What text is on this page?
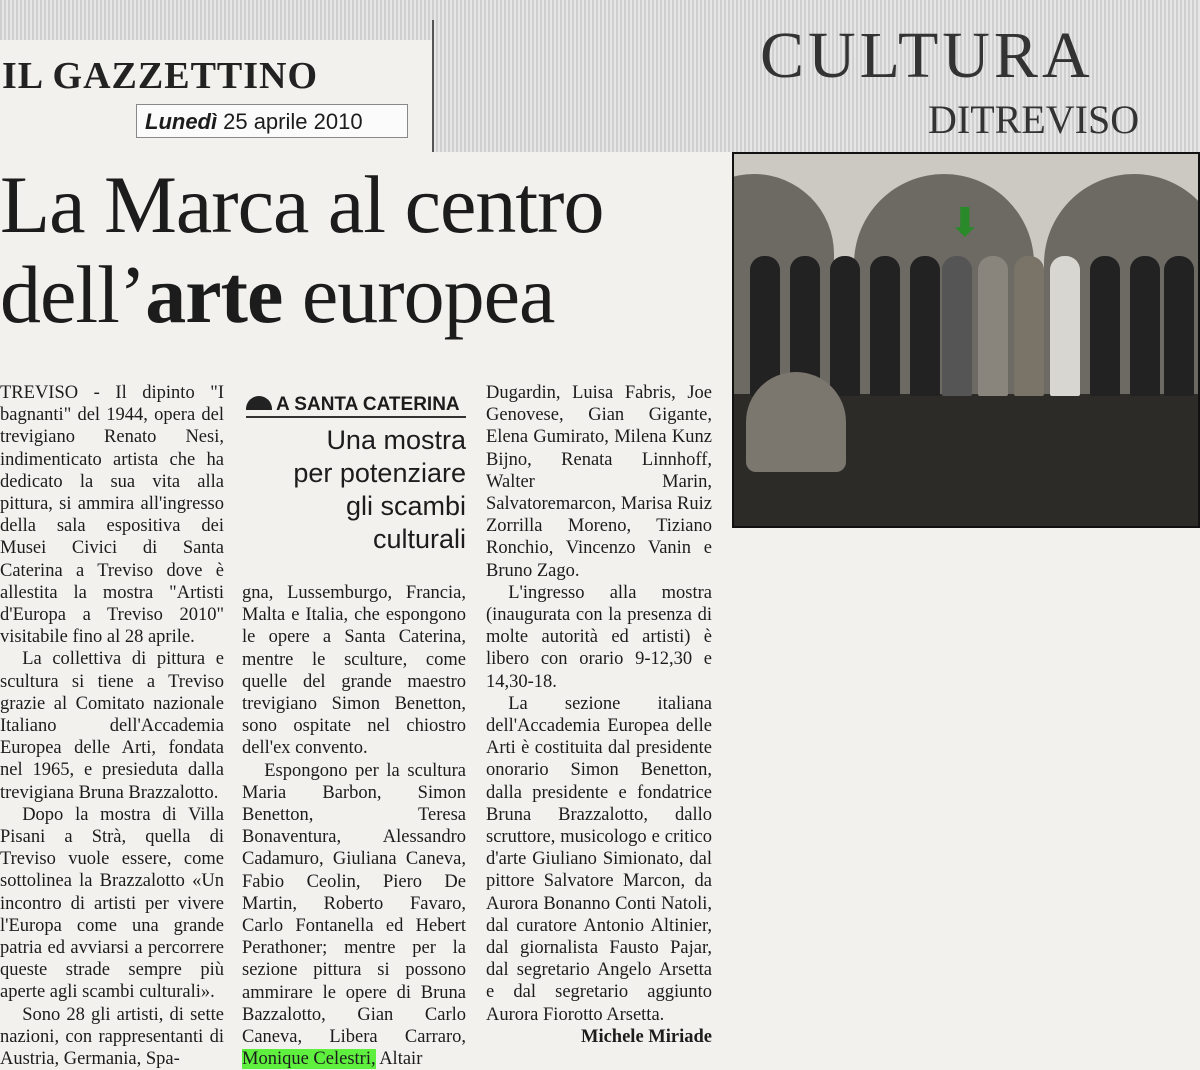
IL GAZZETTINO
Lunedì 25 aprile 2010
CULTURA
DITREVISO
La Marca al centro
dell’arte europea
⬇

TREVISO - Il dipinto "I bagnanti" del 1944, opera del trevigiano Renato Nesi, indimenticato artista che ha dedicato la sua vita alla pittura, si ammira all'ingresso della sala espositiva dei Musei Civici di Santa Caterina a Treviso dove è allestita la mostra "Artisti d'Europa a Treviso 2010" visitabile fino al 28 aprile.

La collettiva di pittura e scultura si tiene a Treviso grazie al Comitato nazionale Italiano dell'Accademia Europea delle Arti, fondata nel 1965, e presieduta dalla trevigiana Bruna Brazzalotto.

Dopo la mostra di Villa Pisani a Strà, quella di Treviso vuole essere, come sottolinea la Brazzalotto «Un incontro di artisti per vivere l'Europa come una grande patria ed avviarsi a percorrere queste strade sempre più aperte agli scambi culturali».

Sono 28 gli artisti, di sette nazioni, con rappresentanti di Austria, Germania, Spa-

A SANTA CATERINA
Una mostra
per potenziare
gli scambi
culturali

gna, Lussemburgo, Francia, Malta e Italia, che espongono le opere a Santa Caterina, mentre le sculture, come quelle del grande maestro trevigiano Simon Benetton, sono ospitate nel chiostro dell'ex convento.

Espongono per la scultura Maria Barbon, Simon Benetton, Teresa Bonaventura, Alessandro Cadamuro, Giuliana Caneva, Fabio Ceolin, Piero De Martin, Roberto Favaro, Carlo Fontanella ed Hebert Perathoner; mentre per la sezione pittura si possono ammirare le opere di Bruna Bazzalotto, Gian Carlo Caneva, Libera Carraro, Monique Celestri, Altair

Dugardin, Luisa Fabris, Joe Genovese, Gian Gigante, Elena Gumirato, Milena Kunz Bijno, Renata Linnhoff, Walter Marin, Salvatoremarcon, Marisa Ruiz Zorrilla Moreno, Tiziano Ronchio, Vincenzo Vanin e Bruno Zago.

L'ingresso alla mostra (inaugurata con la presenza di molte autorità ed artisti) è libero con orario 9-12,30 e 14,30-18.

La sezione italiana dell'Accademia Europea delle Arti è costituita dal presidente onorario Simon Benetton, dalla presidente e fondatrice Bruna Brazzalotto, dallo scruttore, musicologo e critico d'arte Giuliano Simionato, dal pittore Salvatore Marcon, da Aurora Bonanno Conti Natoli, dal curatore Antonio Altinier, dal giornalista Fausto Pajar, dal segretario Angelo Arsetta e dal segretario aggiunto Aurora Fiorotto Arsetta.

Michele Miriade
